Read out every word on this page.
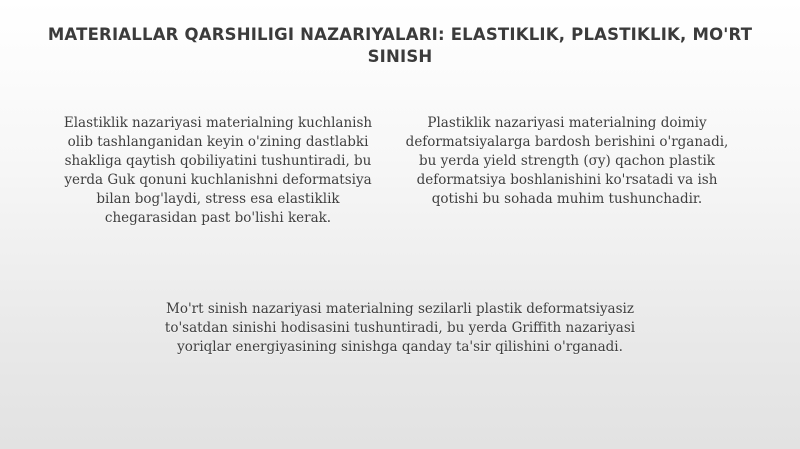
MATERIALLAR QARSHILIGI NAZARIYALARI: ELASTIKLIK, PLASTIKLIK, MO'RT SINISH
Elastiklik nazariyasi materialning kuchlanish olib tashlanganidan keyin o'zining dastlabki shakliga qaytish qobiliyatini tushuntiradi, bu yerda Guk qonuni kuchlanishni deformatsiya bilan bog'laydi, stress esa elastiklik chegarasidan past bo'lishi kerak.
Plastiklik nazariyasi materialning doimiy deformatsiyalarga bardosh berishini o'rganadi, bu yerda yield strength (σy) qachon plastik deformatsiya boshlanishini ko'rsatadi va ish qotishi bu sohada muhim tushunchadir.
Mo'rt sinish nazariyasi materialning sezilarli plastik deformatsiyasiz to'satdan sinishi hodisasini tushuntiradi, bu yerda Griffith nazariyasi yoriqlar energiyasining sinishga qanday ta'sir qilishini o'rganadi.
